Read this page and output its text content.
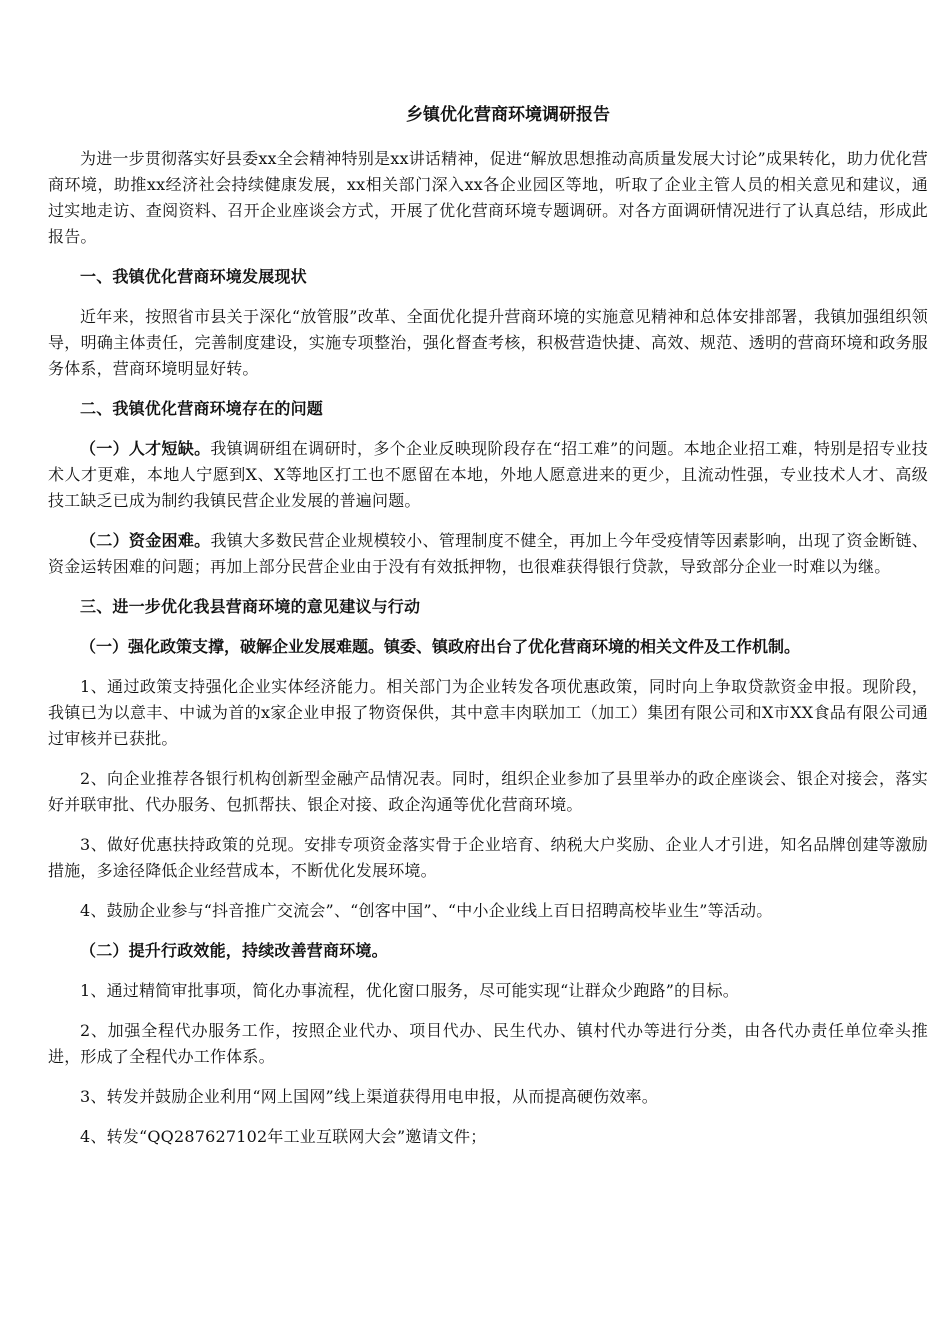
乡镇优化营商环境调研报告

为进一步贯彻落实好县委xx全会精神特别是xx讲话精神，促进“解放思想推动高质量发展大讨论”成果转化，助力优化营商环境，助推xx经济社会持续健康发展，xx相关部门深入xx各企业园区等地，听取了企业主管人员的相关意见和建议，通过实地走访、查阅资料、召开企业座谈会方式，开展了优化营商环境专题调研。对各方面调研情况进行了认真总结，形成此报告。

一、我镇优化营商环境发展现状

近年来，按照省市县关于深化“放管服”改革、全面优化提升营商环境的实施意见精神和总体安排部署，我镇加强组织领导，明确主体责任，完善制度建设，实施专项整治，强化督查考核，积极营造快捷、高效、规范、透明的营商环境和政务服务体系，营商环境明显好转。

二、我镇优化营商环境存在的问题

（一）人才短缺。我镇调研组在调研时，多个企业反映现阶段存在“招工难”的问题。本地企业招工难，特别是招专业技术人才更难，本地人宁愿到X、X等地区打工也不愿留在本地，外地人愿意进来的更少，且流动性强，专业技术人才、高级技工缺乏已成为制约我镇民营企业发展的普遍问题。

（二）资金困难。我镇大多数民营企业规模较小、管理制度不健全，再加上今年受疫情等因素影响，出现了资金断链、资金运转困难的问题；再加上部分民营企业由于没有有效抵押物，也很难获得银行贷款，导致部分企业一时难以为继。

三、进一步优化我县营商环境的意见建议与行动

（一）强化政策支撑，破解企业发展难题。镇委、镇政府出台了优化营商环境的相关文件及工作机制。

1、通过政策支持强化企业实体经济能力。相关部门为企业转发各项优惠政策，同时向上争取贷款资金申报。现阶段，我镇已为以意丰、中诚为首的x家企业申报了物资保供，其中意丰肉联加工（加工）集团有限公司和X市XX食品有限公司通过审核并已获批。

2、向企业推荐各银行机构创新型金融产品情况表。同时，组织企业参加了县里举办的政企座谈会、银企对接会，落实好并联审批、代办服务、包抓帮扶、银企对接、政企沟通等优化营商环境。

3、做好优惠扶持政策的兑现。安排专项资金落实骨于企业培育、纳税大户奖励、企业人才引进，知名品牌创建等激励措施，多途径降低企业经营成本，不断优化发展环境。

4、鼓励企业参与“抖音推广交流会”、“创客中国”、“中小企业线上百日招聘高校毕业生”等活动。

（二）提升行政效能，持续改善营商环境。

1、通过精简审批事项，简化办事流程，优化窗口服务，尽可能实现“让群众少跑路”的目标。

2、加强全程代办服务工作，按照企业代办、项目代办、民生代办、镇村代办等进行分类，由各代办责任单位牵头推进，形成了全程代办工作体系。

3、转发并鼓励企业利用“网上国网”线上渠道获得用电申报，从而提高硬伤效率。

4、转发“QQ287627102年工业互联网大会”邀请文件；
